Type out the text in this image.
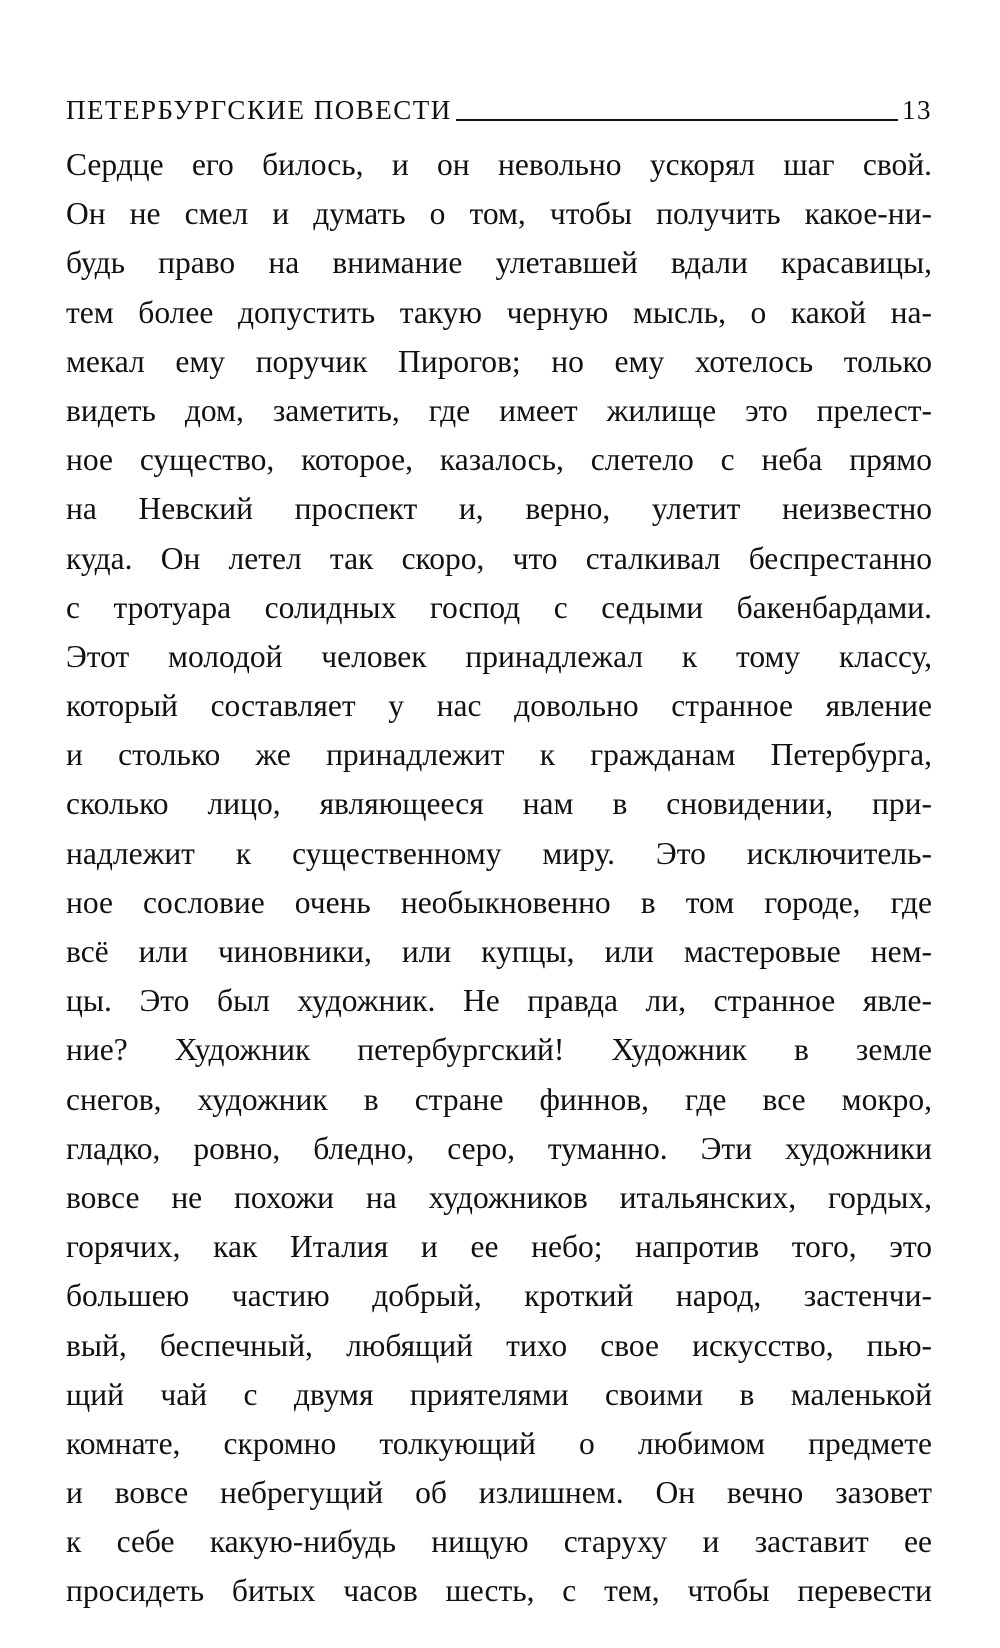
ПЕТЕРБУРГСКИЕ ПОВЕСТИ	13
Сердце его билось, и он невольно ускорял шаг свой.
Он не смел и думать о том, чтобы получить какое-ни-
будь право на внимание улетавшей вдали красавицы,
тем более допустить такую черную мысль, о какой на-
мекал ему поручик Пирогов; но ему хотелось только
видеть дом, заметить, где имеет жилище это прелест-
ное существо, которое, казалось, слетело с неба прямо
на Невский проспект и, верно, улетит неизвестно
куда. Он летел так скоро, что сталкивал беспрестанно
с тротуара солидных господ с седыми бакенбардами.
Этот молодой человек принадлежал к тому классу,
который составляет у нас довольно странное явление
и столько же принадлежит к гражданам Петербурга,
сколько лицо, являющееся нам в сновидении, при-
надлежит к существенному миру. Это исключитель-
ное сословие очень необыкновенно в том городе, где
всё или чиновники, или купцы, или мастеровые нем-
цы. Это был художник. Не правда ли, странное явле-
ние? Художник петербургский! Художник в земле
снегов, художник в стране финнов, где все мокро,
гладко, ровно, бледно, серо, туманно. Эти художники
вовсе не похожи на художников итальянских, гордых,
горячих, как Италия и ее небо; напротив того, это
большею частию добрый, кроткий народ, застенчи-
вый, беспечный, любящий тихо свое искусство, пью-
щий чай с двумя приятелями своими в маленькой
комнате, скромно толкующий о любимом предмете
и вовсе небрегущий об излишнем. Он вечно зазовет
к себе какую-нибудь нищую старуху и заставит ее
просидеть битых часов шесть, с тем, чтобы перевести
